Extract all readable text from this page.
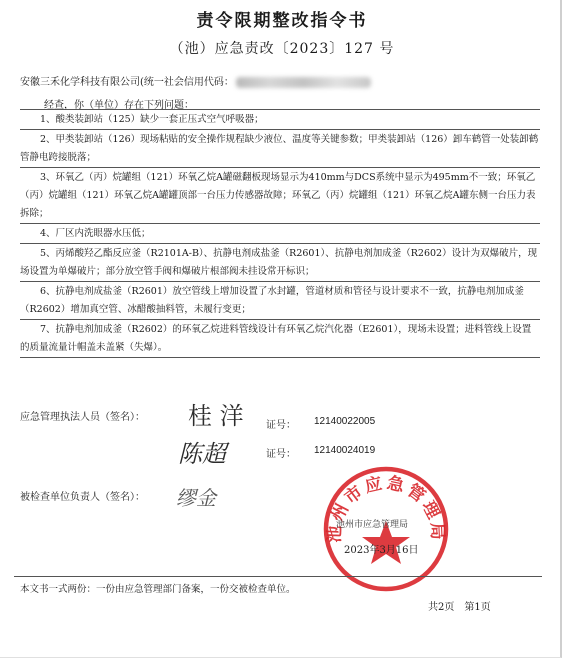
责令限期整改指令书
（池）应急责改〔2023〕127 号
安徽三禾化学科技有限公司(统一社会信用代码：
经查，你（单位）存在下列问题：
1、酸类装卸站（125）缺少一套正压式空气呼吸器；
2、甲类装卸站（126）现场粘贴的安全操作规程缺少液位、温度等关键参数；甲类装卸站（126）卸车鹤管一处装卸鹤管静电跨接脱落；
3、环氧乙（丙）烷罐组（121）环氧乙烷A罐磁翻板现场显示为410mm与DCS系统中显示为495mm不一致；环氧乙（丙）烷罐组（121）环氧乙烷A罐罐顶部一台压力传感器故障；环氧乙（丙）烷罐组（121）环氧乙烷A罐东侧一台压力表拆除；
4、厂区内洗眼器水压低；
5、丙烯酸羟乙酯反应釜（R2101A-B）、抗静电剂成盐釜（R2601）、抗静电剂加成釜（R2602）设计为双爆破片，现场设置为单爆破片；部分放空管手阀和爆破片根部阀未挂设常开标识；
6、抗静电剂成盐釜（R2601）放空管线上增加设置了水封罐，管道材质和管径与设计要求不一致，抗静电剂加成釜（R2602）增加真空管、冰醋酸抽料管，未履行变更；
7、抗静电剂加成釜（R2602）的环氧乙烷进料管线设计有环氧乙烷汽化器（E2601），现场未设置；进料管线上设置的质量流量计帽盖未盖紧（失爆）。
应急管理执法人员（签名）： 桂 洋 证号： 12140022005
陈超	证号： 12140024019
被检查单位负责人（签名）： 缪金
池州市应急管理局
池州市应急管理局
2023年3月16日
本文书一式两份：一份由应急管理部门备案，一份交被检查单位。
共2页　第1页
